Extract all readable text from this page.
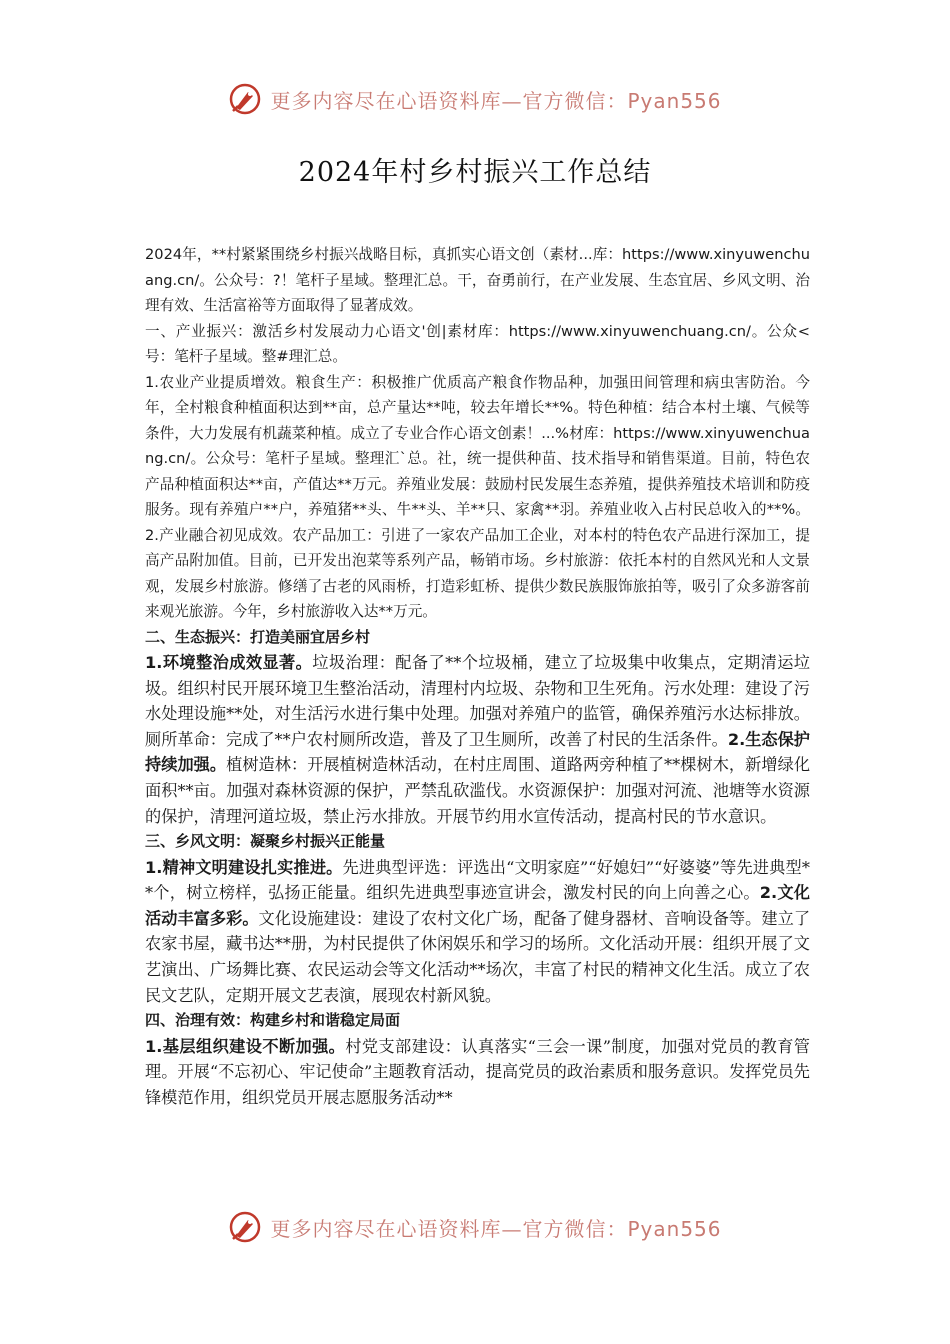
更多内容尽在心语资料库—官方微信：Pyan556
2024年村乡村振兴工作总结

2024年，**村紧紧围绕乡村振兴战略目标，真抓实心语文创（素材...库：https://www.xinyuwenchuang.cn/。公众号：?！笔杆子星域。整理汇总。干，奋勇前行，在产业发展、生态宜居、乡风文明、治理有效、生活富裕等方面取得了显著成效。

一、产业振兴：激活乡村发展动力心语文'创|素材库：https://www.xinyuwenchuang.cn/。公众<号：笔杆子星域。整#理汇总。

1.农业产业提质增效。粮食生产：积极推广优质高产粮食作物品种，加强田间管理和病虫害防治。今年，全村粮食种植面积达到**亩，总产量达**吨，较去年增长**%。特色种植：结合本村土壤、气候等条件，大力发展有机蔬菜种植。成立了专业合作心语文创素！...%材库：https://www.xinyuwenchuang.cn/。公众号：笔杆子星域。整理汇`总。社，统一提供种苗、技术指导和销售渠道。目前，特色农产品种植面积达**亩，产值达**万元。养殖业发展：鼓励村民发展生态养殖，提供养殖技术培训和防疫服务。现有养殖户**户，养殖猪**头、牛**头、羊**只、家禽**羽。养殖业收入占村民总收入的**%。2.产业融合初见成效。农产品加工：引进了一家农产品加工企业，对本村的特色农产品进行深加工，提高产品附加值。目前，已开发出泡菜等系列产品，畅销市场。乡村旅游：依托本村的自然风光和人文景观，发展乡村旅游。修缮了古老的风雨桥，打造彩虹桥、提供少数民族服饰旅拍等，吸引了众多游客前来观光旅游。今年，乡村旅游收入达**万元。

二、生态振兴：打造美丽宜居乡村

1.环境整治成效显著。垃圾治理：配备了**个垃圾桶，建立了垃圾集中收集点，定期清运垃圾。组织村民开展环境卫生整治活动，清理村内垃圾、杂物和卫生死角。污水处理：建设了污水处理设施**处，对生活污水进行集中处理。加强对养殖户的监管，确保养殖污水达标排放。厕所革命：完成了**户农村厕所改造，普及了卫生厕所，改善了村民的生活条件。2.生态保护持续加强。植树造林：开展植树造林活动，在村庄周围、道路两旁种植了**棵树木，新增绿化面积**亩。加强对森林资源的保护，严禁乱砍滥伐。水资源保护：加强对河流、池塘等水资源的保护，清理河道垃圾，禁止污水排放。开展节约用水宣传活动，提高村民的节水意识。

三、乡风文明：凝聚乡村振兴正能量

1.精神文明建设扎实推进。先进典型评选：评选出“文明家庭”“好媳妇”“好婆婆”等先进典型**个，树立榜样，弘扬正能量。组织先进典型事迹宣讲会，激发村民的向上向善之心。2.文化活动丰富多彩。文化设施建设：建设了农村文化广场，配备了健身器材、音响设备等。建立了农家书屋，藏书达**册，为村民提供了休闲娱乐和学习的场所。文化活动开展：组织开展了文艺演出、广场舞比赛、农民运动会等文化活动**场次，丰富了村民的精神文化生活。成立了农民文艺队，定期开展文艺表演，展现农村新风貌。

四、治理有效：构建乡村和谐稳定局面

1.基层组织建设不断加强。村党支部建设：认真落实“三会一课”制度，加强对党员的教育管理。开展“不忘初心、牢记使命”主题教育活动，提高党员的政治素质和服务意识。发挥党员先锋模范作用，组织党员开展志愿服务活动**

更多内容尽在心语资料库—官方微信：Pyan556
